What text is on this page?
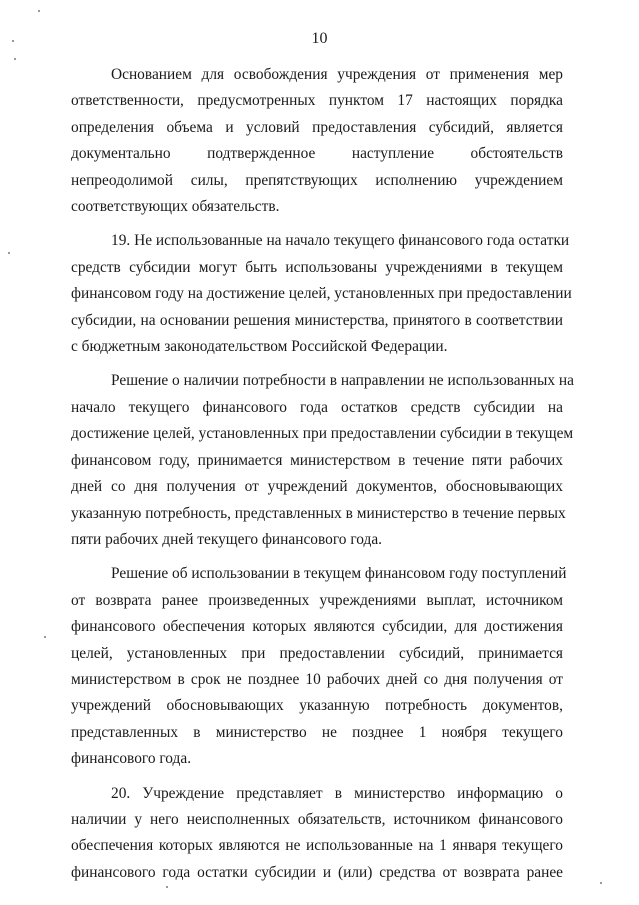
10
Основанием для освобождения учреждения от применения мер
ответственности, предусмотренных пунктом 17 настоящих порядка
определения объема и условий предоставления субсидий, является
документально подтвержденное наступление обстоятельств
непреодолимой силы, препятствующих исполнению учреждением
соответствующих обязательств.
19. Не использованные на начало текущего финансового года остатки
средств субсидии могут быть использованы учреждениями в текущем
финансовом году на достижение целей, установленных при предоставлении
субсидии, на основании решения министерства, принятого в соответствии
с бюджетным законодательством Российской Федерации.
Решение о наличии потребности в направлении не использованных на
начало текущего финансового года остатков средств субсидии на
достижение целей, установленных при предоставлении субсидии в текущем
финансовом году, принимается министерством в течение пяти рабочих
дней со дня получения от учреждений документов, обосновывающих
указанную потребность, представленных в министерство в течение первых
пяти рабочих дней текущего финансового года.
Решение об использовании в текущем финансовом году поступлений
от возврата ранее произведенных учреждениями выплат, источником
финансового обеспечения которых являются субсидии, для достижения
целей, установленных при предоставлении субсидий, принимается
министерством в срок не позднее 10 рабочих дней со дня получения от
учреждений обосновывающих указанную потребность документов,
представленных в министерство не позднее 1 ноября текущего
финансового года.
20. Учреждение представляет в министерство информацию о
наличии у него неисполненных обязательств, источником финансового
обеспечения которых являются не использованные на 1 января текущего
финансового года остатки субсидии и (или) средства от возврата ранее
